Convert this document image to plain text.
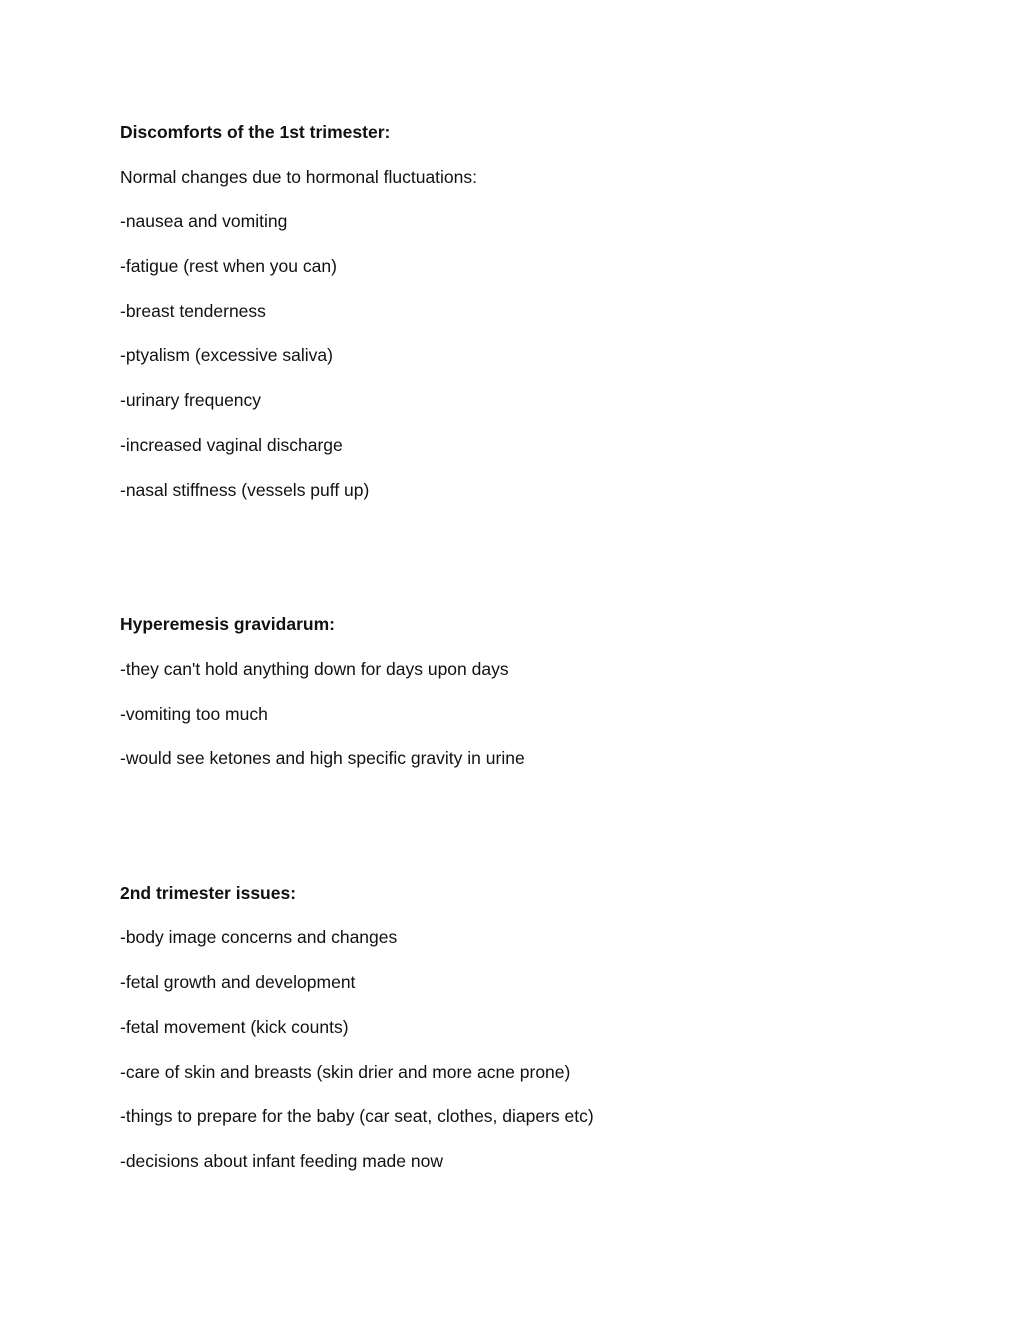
Discomforts of the 1st trimester:
Normal changes due to hormonal fluctuations:
-nausea and vomiting
-fatigue (rest when you can)
-breast tenderness
-ptyalism (excessive saliva)
-urinary frequency
-increased vaginal discharge
-nasal stiffness (vessels puff up)
Hyperemesis gravidarum:
-they can't hold anything down for days upon days
-vomiting too much
-would see ketones and high specific gravity in urine
2nd trimester issues:
-body image concerns and changes
-fetal growth and development
-fetal movement (kick counts)
-care of skin and breasts (skin drier and more acne prone)
-things to prepare for the baby (car seat, clothes, diapers etc)
-decisions about infant feeding made now
